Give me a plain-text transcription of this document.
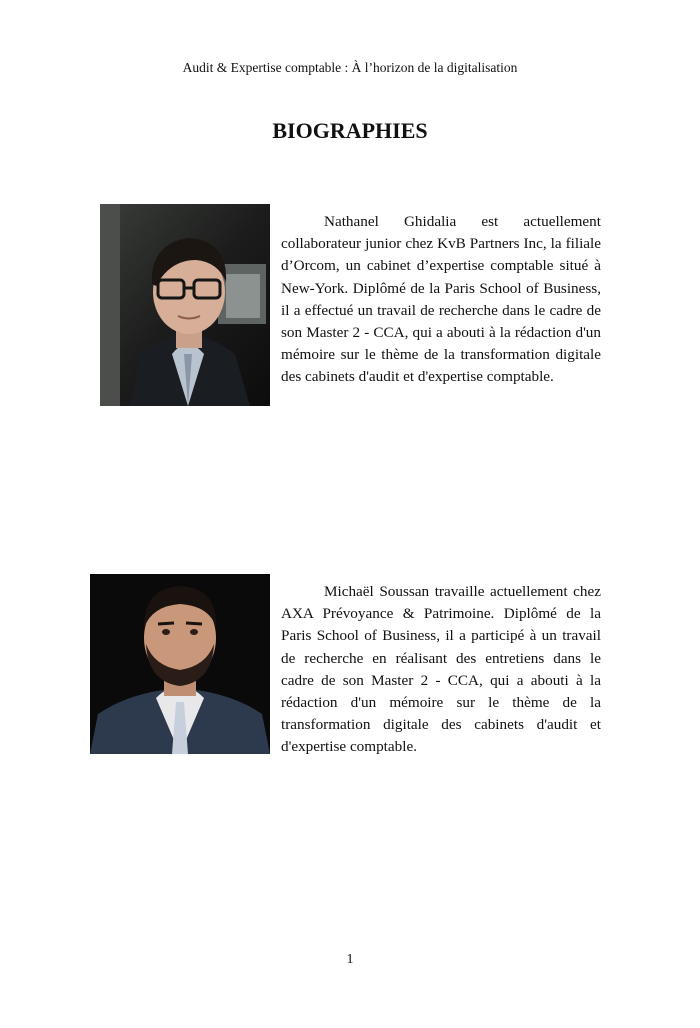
Audit & Expertise comptable : À l’horizon de la digitalisation
BIOGRAPHIES

Nathanel Ghidalia est actuellement collaborateur junior chez KvB Partners Inc, la filiale d’Orcom, un cabinet d’expertise comptable situé à New-York. Diplômé de la Paris School of Business, il a effectué un travail de recherche dans le cadre de son Master 2 - CCA, qui a abouti à la rédaction d'un mémoire sur le thème de la transformation digitale des cabinets d'audit et d'expertise comptable.

Michaël Soussan travaille actuellement chez AXA Prévoyance & Patrimoine. Diplômé de la Paris School of Business, il a participé à un travail de recherche en réalisant des entretiens dans le cadre de son Master 2 - CCA, qui a abouti à la rédaction d'un mémoire sur le thème de la transformation digitale des cabinets d'audit et d'expertise comptable.

1
